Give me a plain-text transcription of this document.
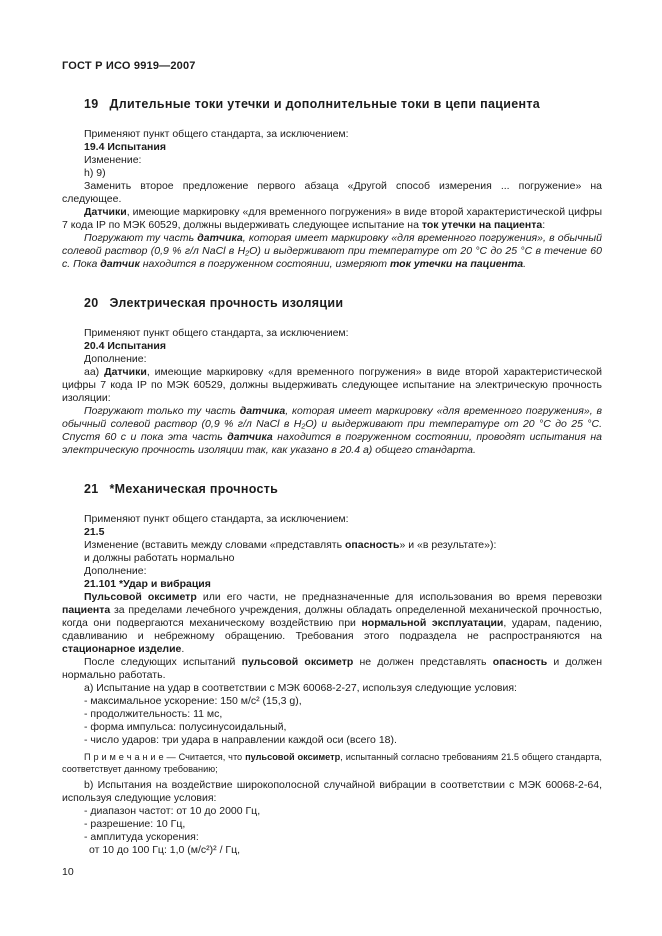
ГОСТ Р ИСО 9919—2007
19 Длительные токи утечки и дополнительные токи в цепи пациента

Применяют пункт общего стандарта, за исключением:

19.4 Испытания

Изменение:

h) 9)

Заменить второе предложение первого абзаца «Другой способ измерения ... погружение» на следующее.

Датчики, имеющие маркировку «для временного погружения» в виде второй характеристической цифры 7 кода IP по МЭК 60529, должны выдерживать следующее испытание на ток утечки на пациента:

Погружают ту часть датчика, которая имеет маркировку «для временного погружения», в обычный солевой раствор (0,9 % г/л NaCl в H₂O) и выдерживают при температуре от 20 °С до 25 °С в течение 60 с. Пока датчик находится в погруженном состоянии, измеряют ток утечки на пациента.

20 Электрическая прочность изоляции

Применяют пункт общего стандарта, за исключением:

20.4 Испытания

Дополнение:

аа) Датчики, имеющие маркировку «для временного погружения» в виде второй характеристической цифры 7 кода IP по МЭК 60529, должны выдерживать следующее испытание на электрическую прочность изоляции:

Погружают только ту часть датчика, которая имеет маркировку «для временного погружения», в обычный солевой раствор (0,9 % г/л NaCl в H₂O) и выдерживают при температуре от 20 °С до 25 °С. Спустя 60 с и пока эта часть датчика находится в погруженном состоянии, проводят испытания на электрическую прочность изоляции так, как указано в 20.4 а) общего стандарта.

21 *Механическая прочность

Применяют пункт общего стандарта, за исключением:

21.5

Изменение (вставить между словами «представлять опасность» и «в результате»):

и должны работать нормально

Дополнение:

21.101 *Удар и вибрация

Пульсовой оксиметр или его части, не предназначенные для использования во время перевозки пациента за пределами лечебного учреждения, должны обладать определенной механической прочностью, когда они подвергаются механическому воздействию при нормальной эксплуатации, ударам, падению, сдавливанию и небрежному обращению. Требования этого подраздела не распространяются на стационарное изделие.

После следующих испытаний пульсовой оксиметр не должен представлять опасность и должен нормально работать.

а) Испытание на удар в соответствии с МЭК 60068-2-27, используя следующие условия:

- максимальное ускорение: 150 м/с² (15,3 g),

- продолжительность: 11 мс,

- форма импульса: полусинусоидальный,

- число ударов: три удара в направлении каждой оси (всего 18).

П р и м е ч а н и е — Считается, что пульсовой оксиметр, испытанный согласно требованиям 21.5 общего стандарта, соответствует данному требованию;

b) Испытания на воздействие широкополосной случайной вибрации в соответствии с МЭК 60068-2-64, используя следующие условия:

- диапазон частот: от 10 до 2000 Гц,

- разрешение: 10 Гц,

- амплитуда ускорения:

от 10 до 100 Гц: 1,0 (м/с²)² / Гц,

10
